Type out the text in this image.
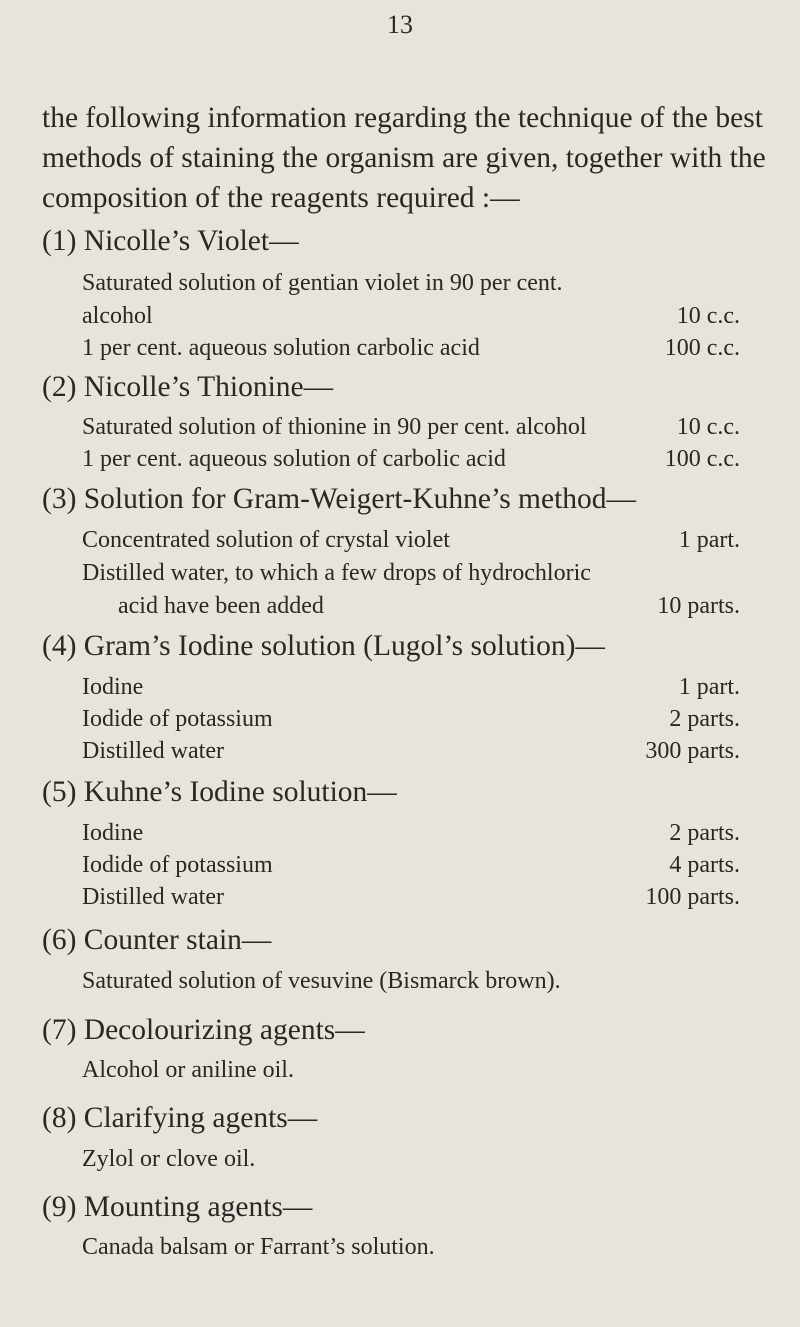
13
the following information regarding the technique of the best methods of staining the organism are given, together with the composition of the reagents required :—
(1) Nicolle’s Violet—
Saturated solution of gentian violet in 90 per cent.
alcohol	10 c.c.
1 per cent. aqueous solution carbolic acid	100 c.c.
(2) Nicolle’s Thionine—
Saturated solution of thionine in 90 per cent. alcohol	10 c.c.
1 per cent. aqueous solution of carbolic acid	100 c.c.
(3) Solution for Gram-Weigert-Kuhne’s method—
Concentrated solution of crystal violet	1 part.
Distilled water, to which a few drops of hydrochloric
acid have been added	10 parts.
(4) Gram’s Iodine solution (Lugol’s solution)—
Iodine	1 part.
Iodide of potassium	2 parts.
Distilled water	300 parts.
(5) Kuhne’s Iodine solution—
Iodine	2 parts.
Iodide of potassium	4 parts.
Distilled water	100 parts.
(6) Counter stain—
Saturated solution of vesuvine (Bismarck brown).
(7) Decolourizing agents—
Alcohol or aniline oil.
(8) Clarifying agents—
Zylol or clove oil.
(9) Mounting agents—
Canada balsam or Farrant’s solution.
